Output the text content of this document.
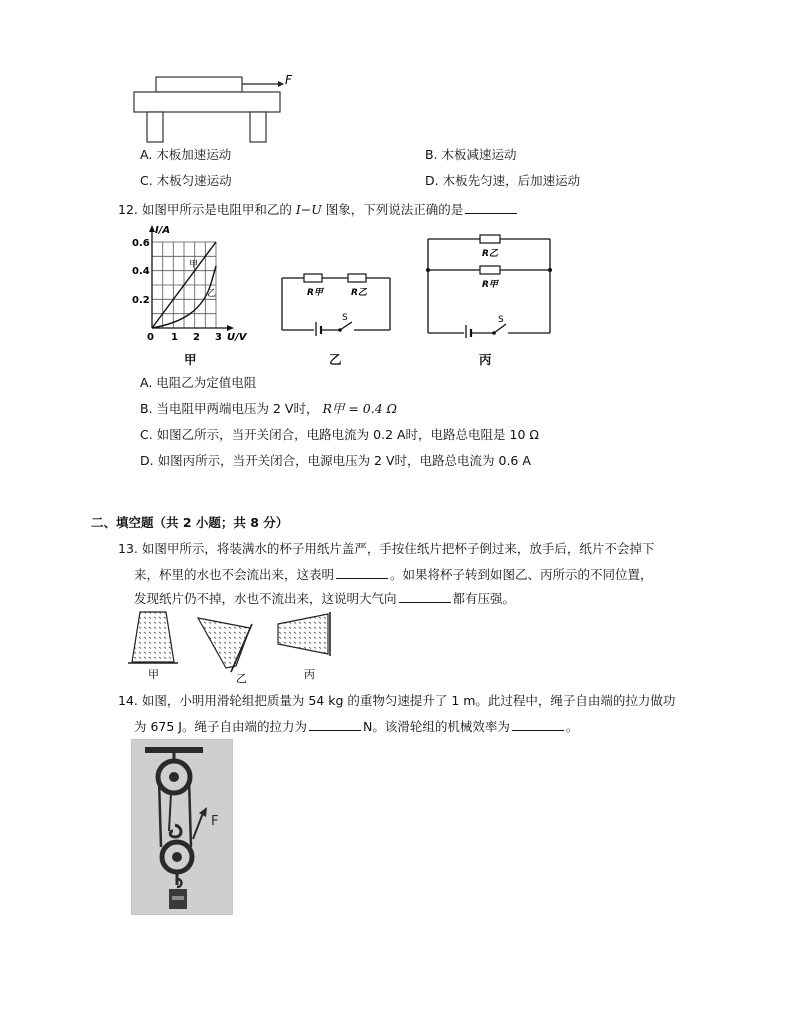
F
A. 木板加速运动	B. 木板减速运动
C. 木板匀速运动	D. 木板先匀速，后加速运动
12. 如图甲所示是电阻甲和乙的 I−U 图象，下列说法正确的是
I/A
0.6
0.4
0.2
0 1 2 3 U/V
甲
乙	R甲	R乙
S
R乙
R甲
S
甲	乙	丙
A. 电阻乙为定值电阻
B. 当电阻甲两端电压为 2 V时， R甲 = 0.4 Ω
C. 如图乙所示，当开关闭合，电路电流为 0.2 A时，电路总电阻是 10 Ω
D. 如图丙所示，当开关闭合，电源电压为 2 V时，电路总电流为 0.6 A
二、填空题（共 2 小题；共 8 分）
13. 如图甲所示，将装满水的杯子用纸片盖严，手按住纸片把杯子倒过来，放手后，纸片不会掉下
来，杯里的水也不会流出来，这表明	。如果将杯子转到如图乙、丙所示的不同位置，
发现纸片仍不掉，水也不流出来，这说明大气向	都有压强。
甲	乙	丙
14. 如图，小明用滑轮组把质量为 54 kg 的重物匀速提升了 1 m。此过程中，绳子自由端的拉力做功
为 675 J。绳子自由端的拉力为	N。该滑轮组的机械效率为	。
F
